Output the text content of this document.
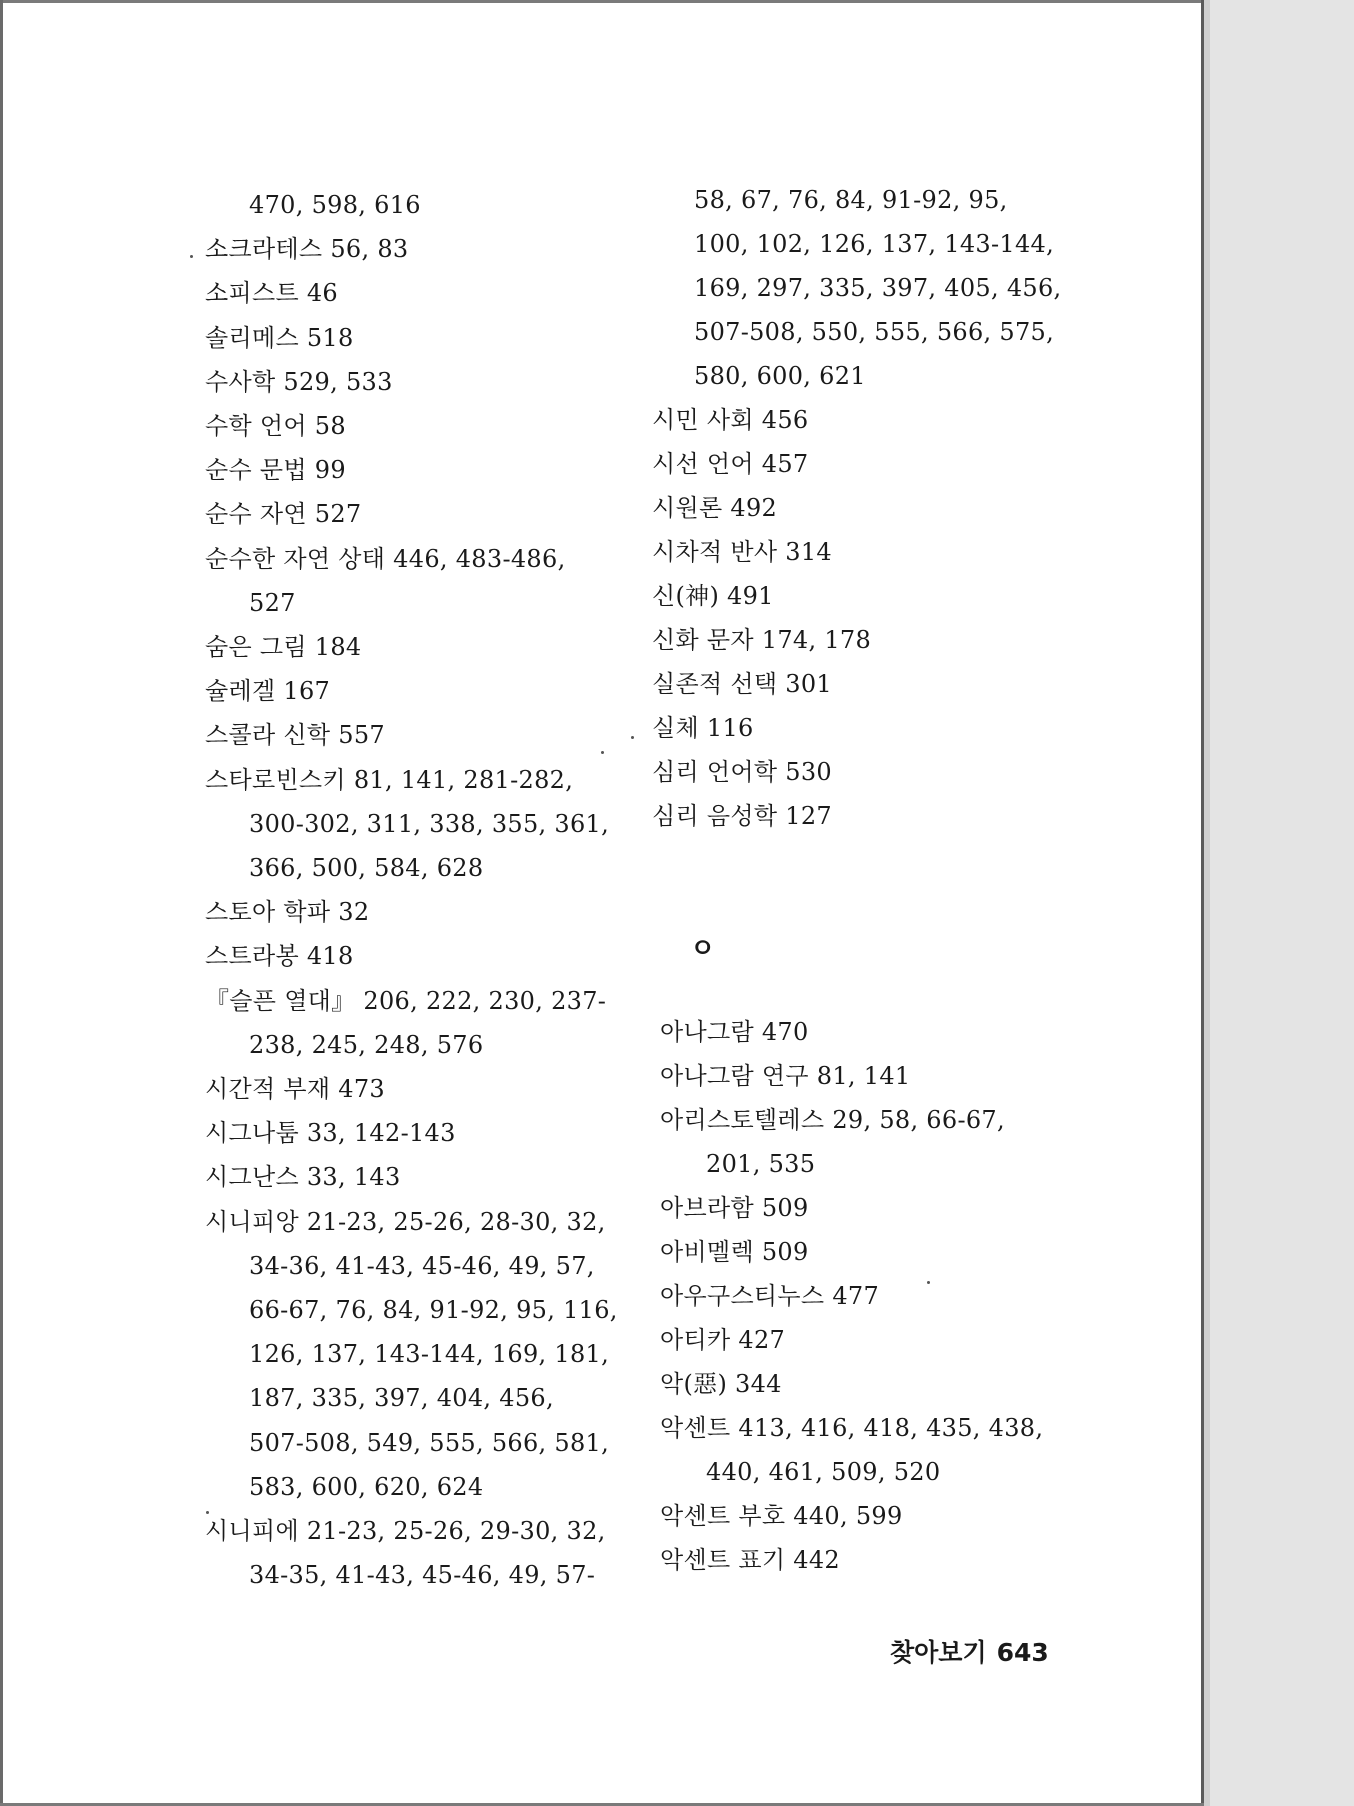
470, 598, 616
소크라테스 56, 83
소피스트 46
솔리메스 518
수사학 529, 533
수학 언어 58
순수 문법 99
순수 자연 527
순수한 자연 상태 446, 483-486,
527
숨은 그림 184
슐레겔 167
스콜라 신학 557
스타로빈스키 81, 141, 281-282,
300-302, 311, 338, 355, 361,
366, 500, 584, 628
스토아 학파 32
스트라봉 418
『슬픈 열대』 206, 222, 230, 237-
238, 245, 248, 576
시간적 부재 473
시그나툼 33, 142-143
시그난스 33, 143
시니피앙 21-23, 25-26, 28-30, 32,
34-36, 41-43, 45-46, 49, 57,
66-67, 76, 84, 91-92, 95, 116,
126, 137, 143-144, 169, 181,
187, 335, 397, 404, 456,
507-508, 549, 555, 566, 581,
583, 600, 620, 624
시니피에 21-23, 25-26, 29-30, 32,
34-35, 41-43, 45-46, 49, 57-
58, 67, 76, 84, 91-92, 95,
100, 102, 126, 137, 143-144,
169, 297, 335, 397, 405, 456,
507-508, 550, 555, 566, 575,
580, 600, 621
시민 사회 456
시선 언어 457
시원론 492
시차적 반사 314
신(神) 491
신화 문자 174, 178
실존적 선택 301
실체 116
심리 언어학 530
심리 음성학 127
아나그람 470
아나그람 연구 81, 141
아리스토텔레스 29, 58, 66-67,
201, 535
아브라함 509
아비멜렉 509
아우구스티누스 477
아티카 427
악(惡) 344
악센트 413, 416, 418, 435, 438,
440, 461, 509, 520
악센트 부호 440, 599
악센트 표기 442
ㅇ
찾아보기 643
